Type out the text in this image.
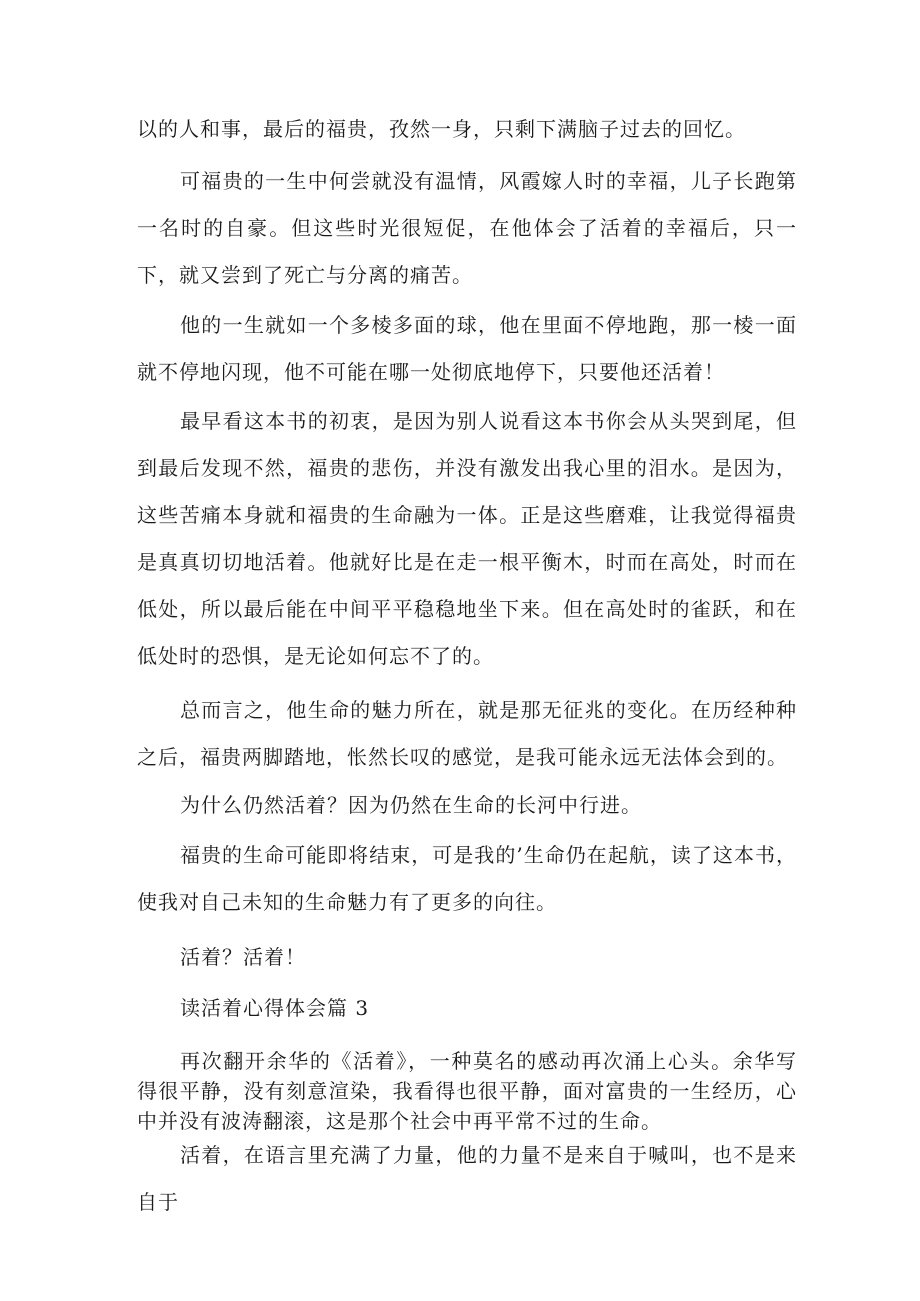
以的人和事，最后的福贵，孜然一身，只剩下满脑子过去的回忆。

可福贵的一生中何尝就没有温情，风霞嫁人时的幸福，儿子长跑第一名时的自豪。但这些时光很短促，在他体会了活着的幸福后，只一下，就又尝到了死亡与分离的痛苦。

他的一生就如一个多棱多面的球，他在里面不停地跑，那一棱一面就不停地闪现，他不可能在哪一处彻底地停下，只要他还活着！

最早看这本书的初衷，是因为别人说看这本书你会从头哭到尾，但到最后发现不然，福贵的悲伤，并没有激发出我心里的泪水。是因为，这些苦痛本身就和福贵的生命融为一体。正是这些磨难，让我觉得福贵是真真切切地活着。他就好比是在走一根平衡木，时而在高处，时而在低处，所以最后能在中间平平稳稳地坐下来。但在高处时的雀跃，和在低处时的恐惧，是无论如何忘不了的。

总而言之，他生命的魅力所在，就是那无征兆的变化。在历经种种之后，福贵两脚踏地，怅然长叹的感觉，是我可能永远无法体会到的。

为什么仍然活着？因为仍然在生命的长河中行进。

福贵的生命可能即将结束，可是我的’生命仍在起航，读了这本书，使我对自己未知的生命魅力有了更多的向往。

活着？活着！

读活着心得体会篇 3

再次翻开余华的《活着》，一种莫名的感动再次涌上心头。余华写得很平静，没有刻意渲染，我看得也很平静，面对富贵的一生经历，心中并没有波涛翻滚，这是那个社会中再平常不过的生命。

活着，在语言里充满了力量，他的力量不是来自于喊叫，也不是来自于
